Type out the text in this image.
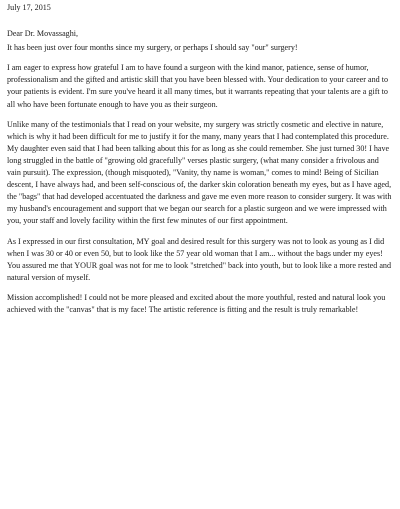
July 17, 2015
Dear Dr. Movassaghi,
It has been just over four months since my surgery, or perhaps I should say "our" surgery!
I am eager to express how grateful I am to have found a surgeon with the kind manor, patience, sense of humor, professionalism and the gifted and artistic skill that you have been blessed with. Your dedication to your career and to your patients is evident. I'm sure you've heard it all many times, but it warrants repeating that your talents are a gift to all who have been fortunate enough to have you as their surgeon.
Unlike many of the testimonials that I read on your website, my surgery was strictly cosmetic and elective in nature, which is why it had been difficult for me to justify it for the many, many years that I had contemplated this procedure. My daughter even said that I had been talking about this for as long as she could remember. She just turned 30! I have long struggled in the battle of "growing old gracefully" verses plastic surgery, (what many consider a frivolous and vain pursuit). The expression, (though misquoted), "Vanity, thy name is woman," comes to mind! Being of Sicilian descent, I have always had, and been self-conscious of, the darker skin coloration beneath my eyes, but as I have aged, the "bags" that had developed accentuated the darkness and gave me even more reason to consider surgery. It was with my husband's encouragement and support that we began our search for a plastic surgeon and we were impressed with you, your staff and lovely facility within the first few minutes of our first appointment.
As I expressed in our first consultation, MY goal and desired result for this surgery was not to look as young as I did when I was 30 or 40 or even 50, but to look like the 57 year old woman that I am... without the bags under my eyes! You assured me that YOUR goal was not for me to look "stretched" back into youth, but to look like a more rested and natural version of myself.
Mission accomplished! I could not be more pleased and excited about the more youthful, rested and natural look you achieved with the "canvas" that is my face! The artistic reference is fitting and the result is truly remarkable!
